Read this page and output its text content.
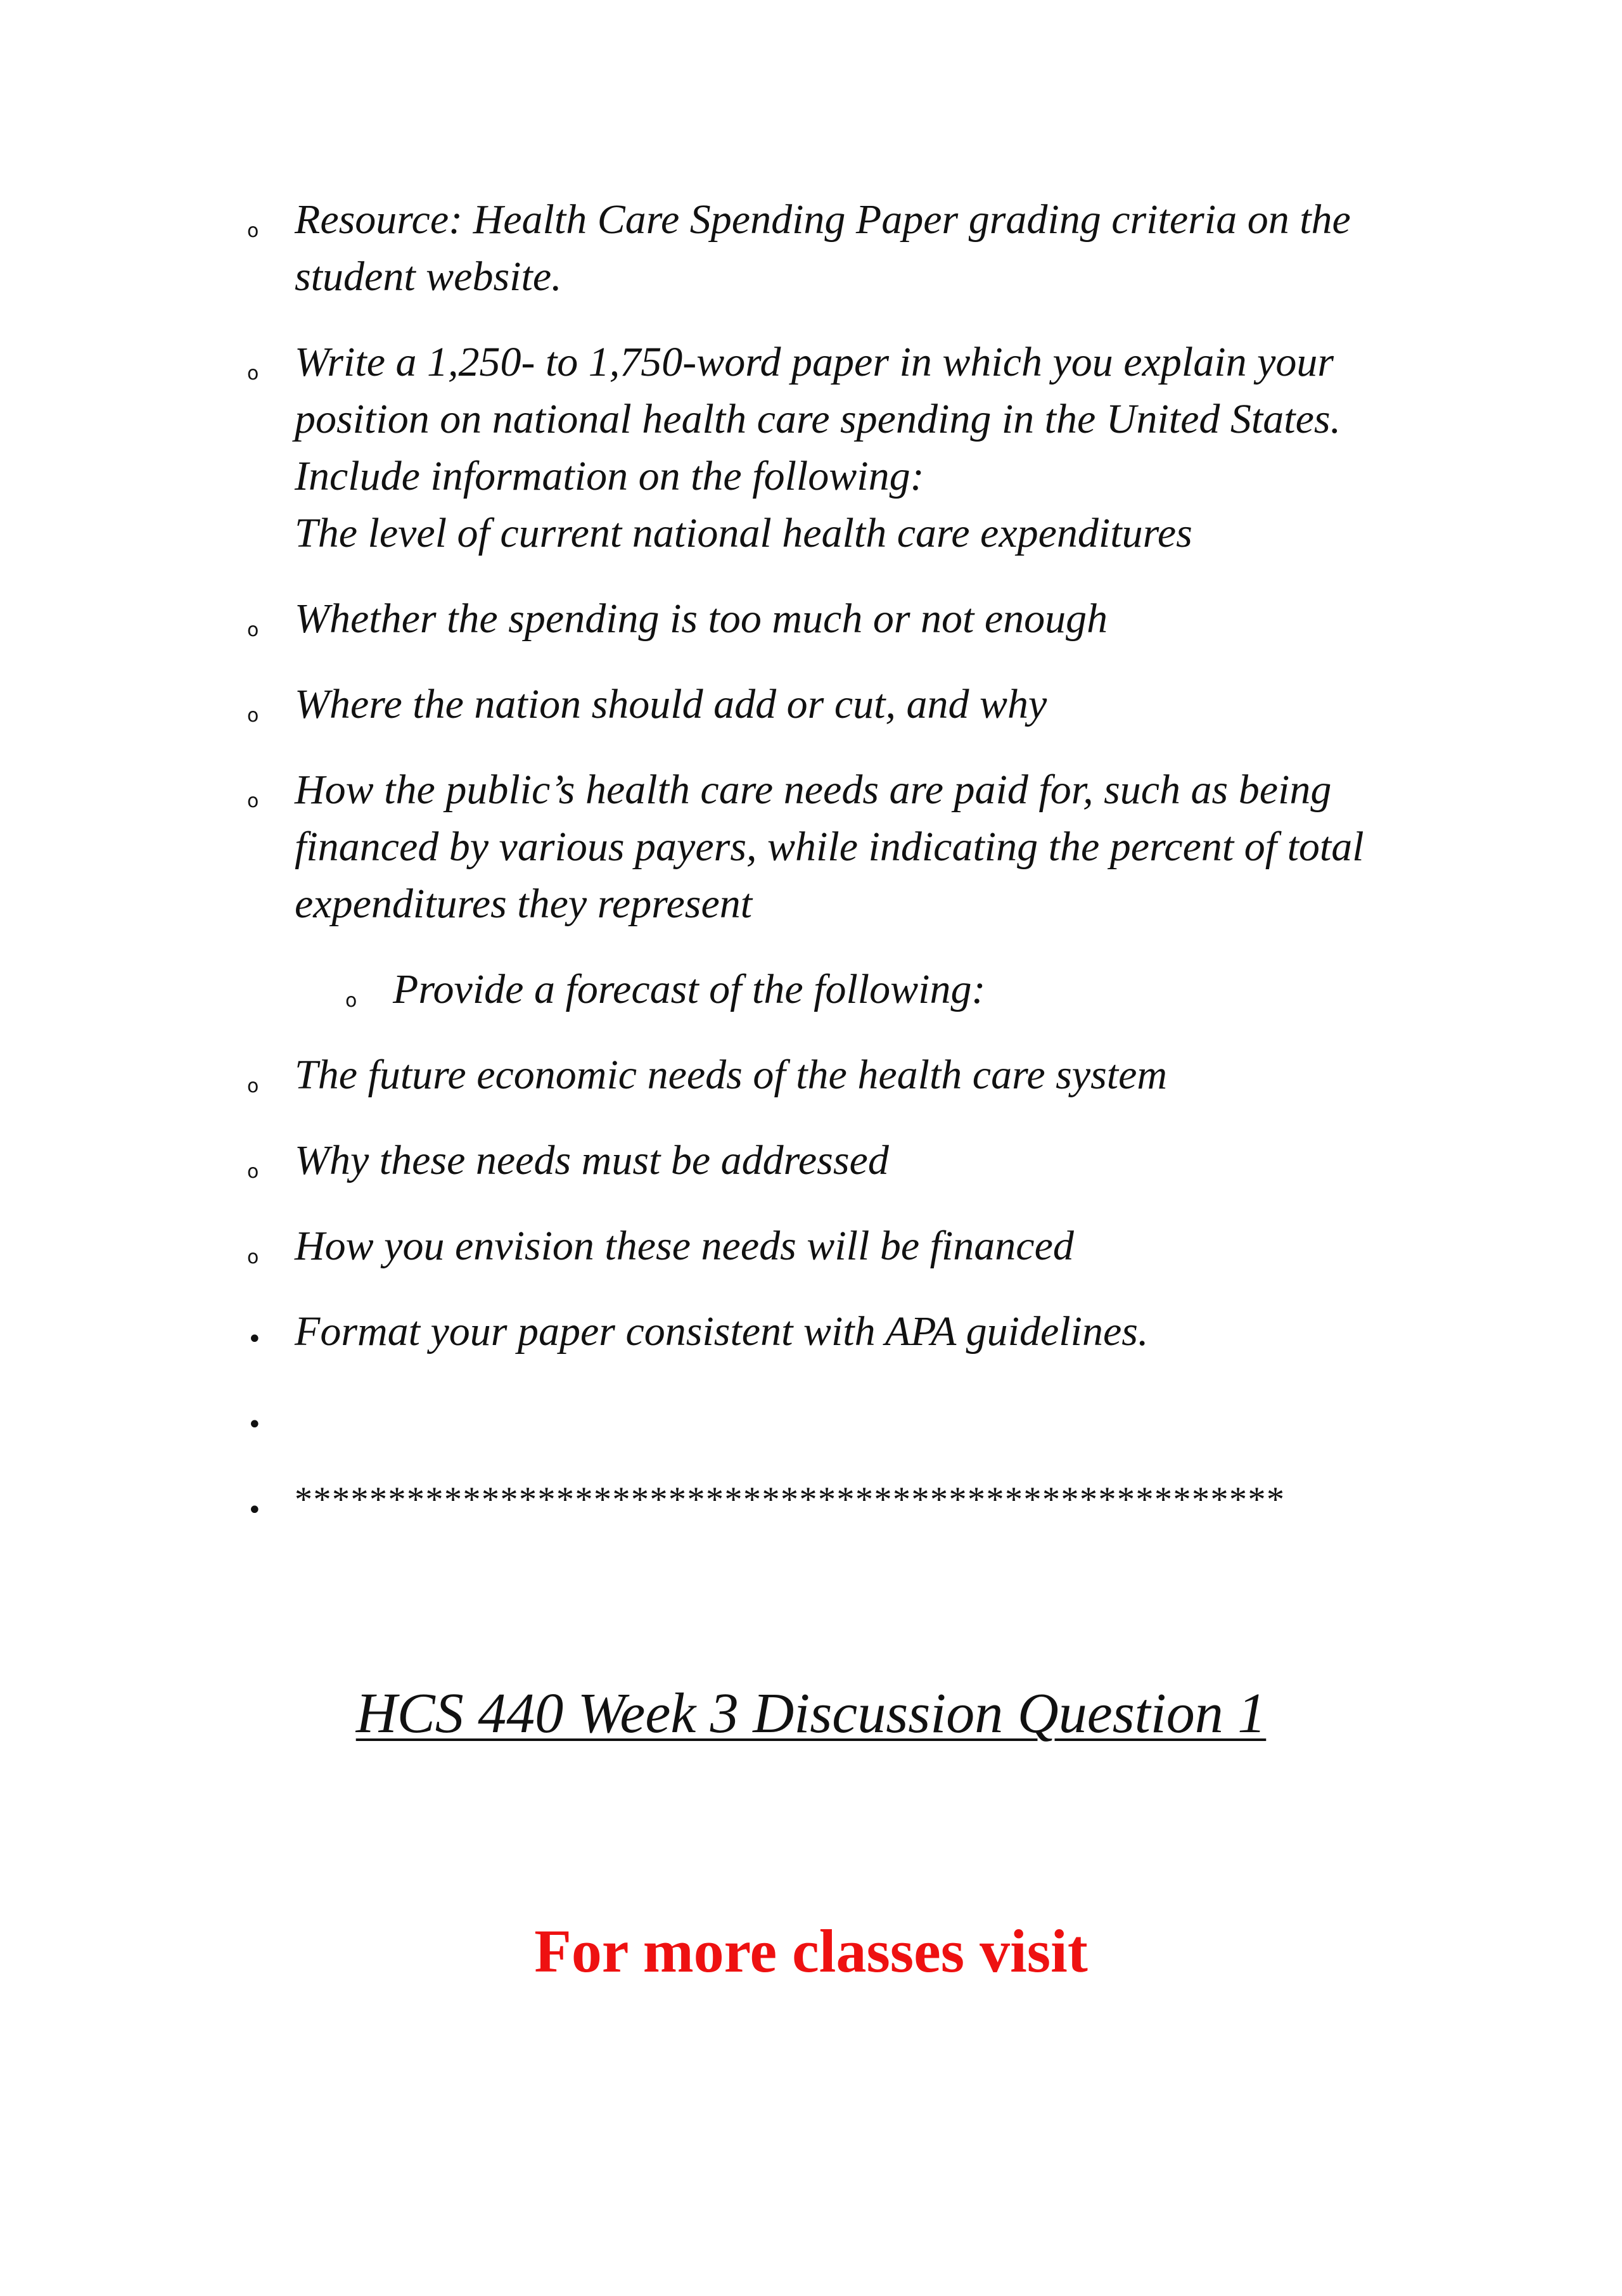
o Resource: Health Care Spending Paper grading criteria on the student website.
o Write a 1,250- to 1,750-word paper in which you explain your position on national health care spending in the United States.
Include information on the following:
The level of current national health care expenditures
o Whether the spending is too much or not enough
o Where the nation should add or cut, and why
o How the public’s health care needs are paid for, such as being financed by various payers, while indicating the percent of total expenditures they represent
o Provide a forecast of the following:
o The future economic needs of the health care system
o Why these needs must be addressed
o How you envision these needs will be financed
• Format your paper consistent with APA guidelines.
•
• *****************************************************
HCS 440 Week 3 Discussion Question 1
For more classes visit
